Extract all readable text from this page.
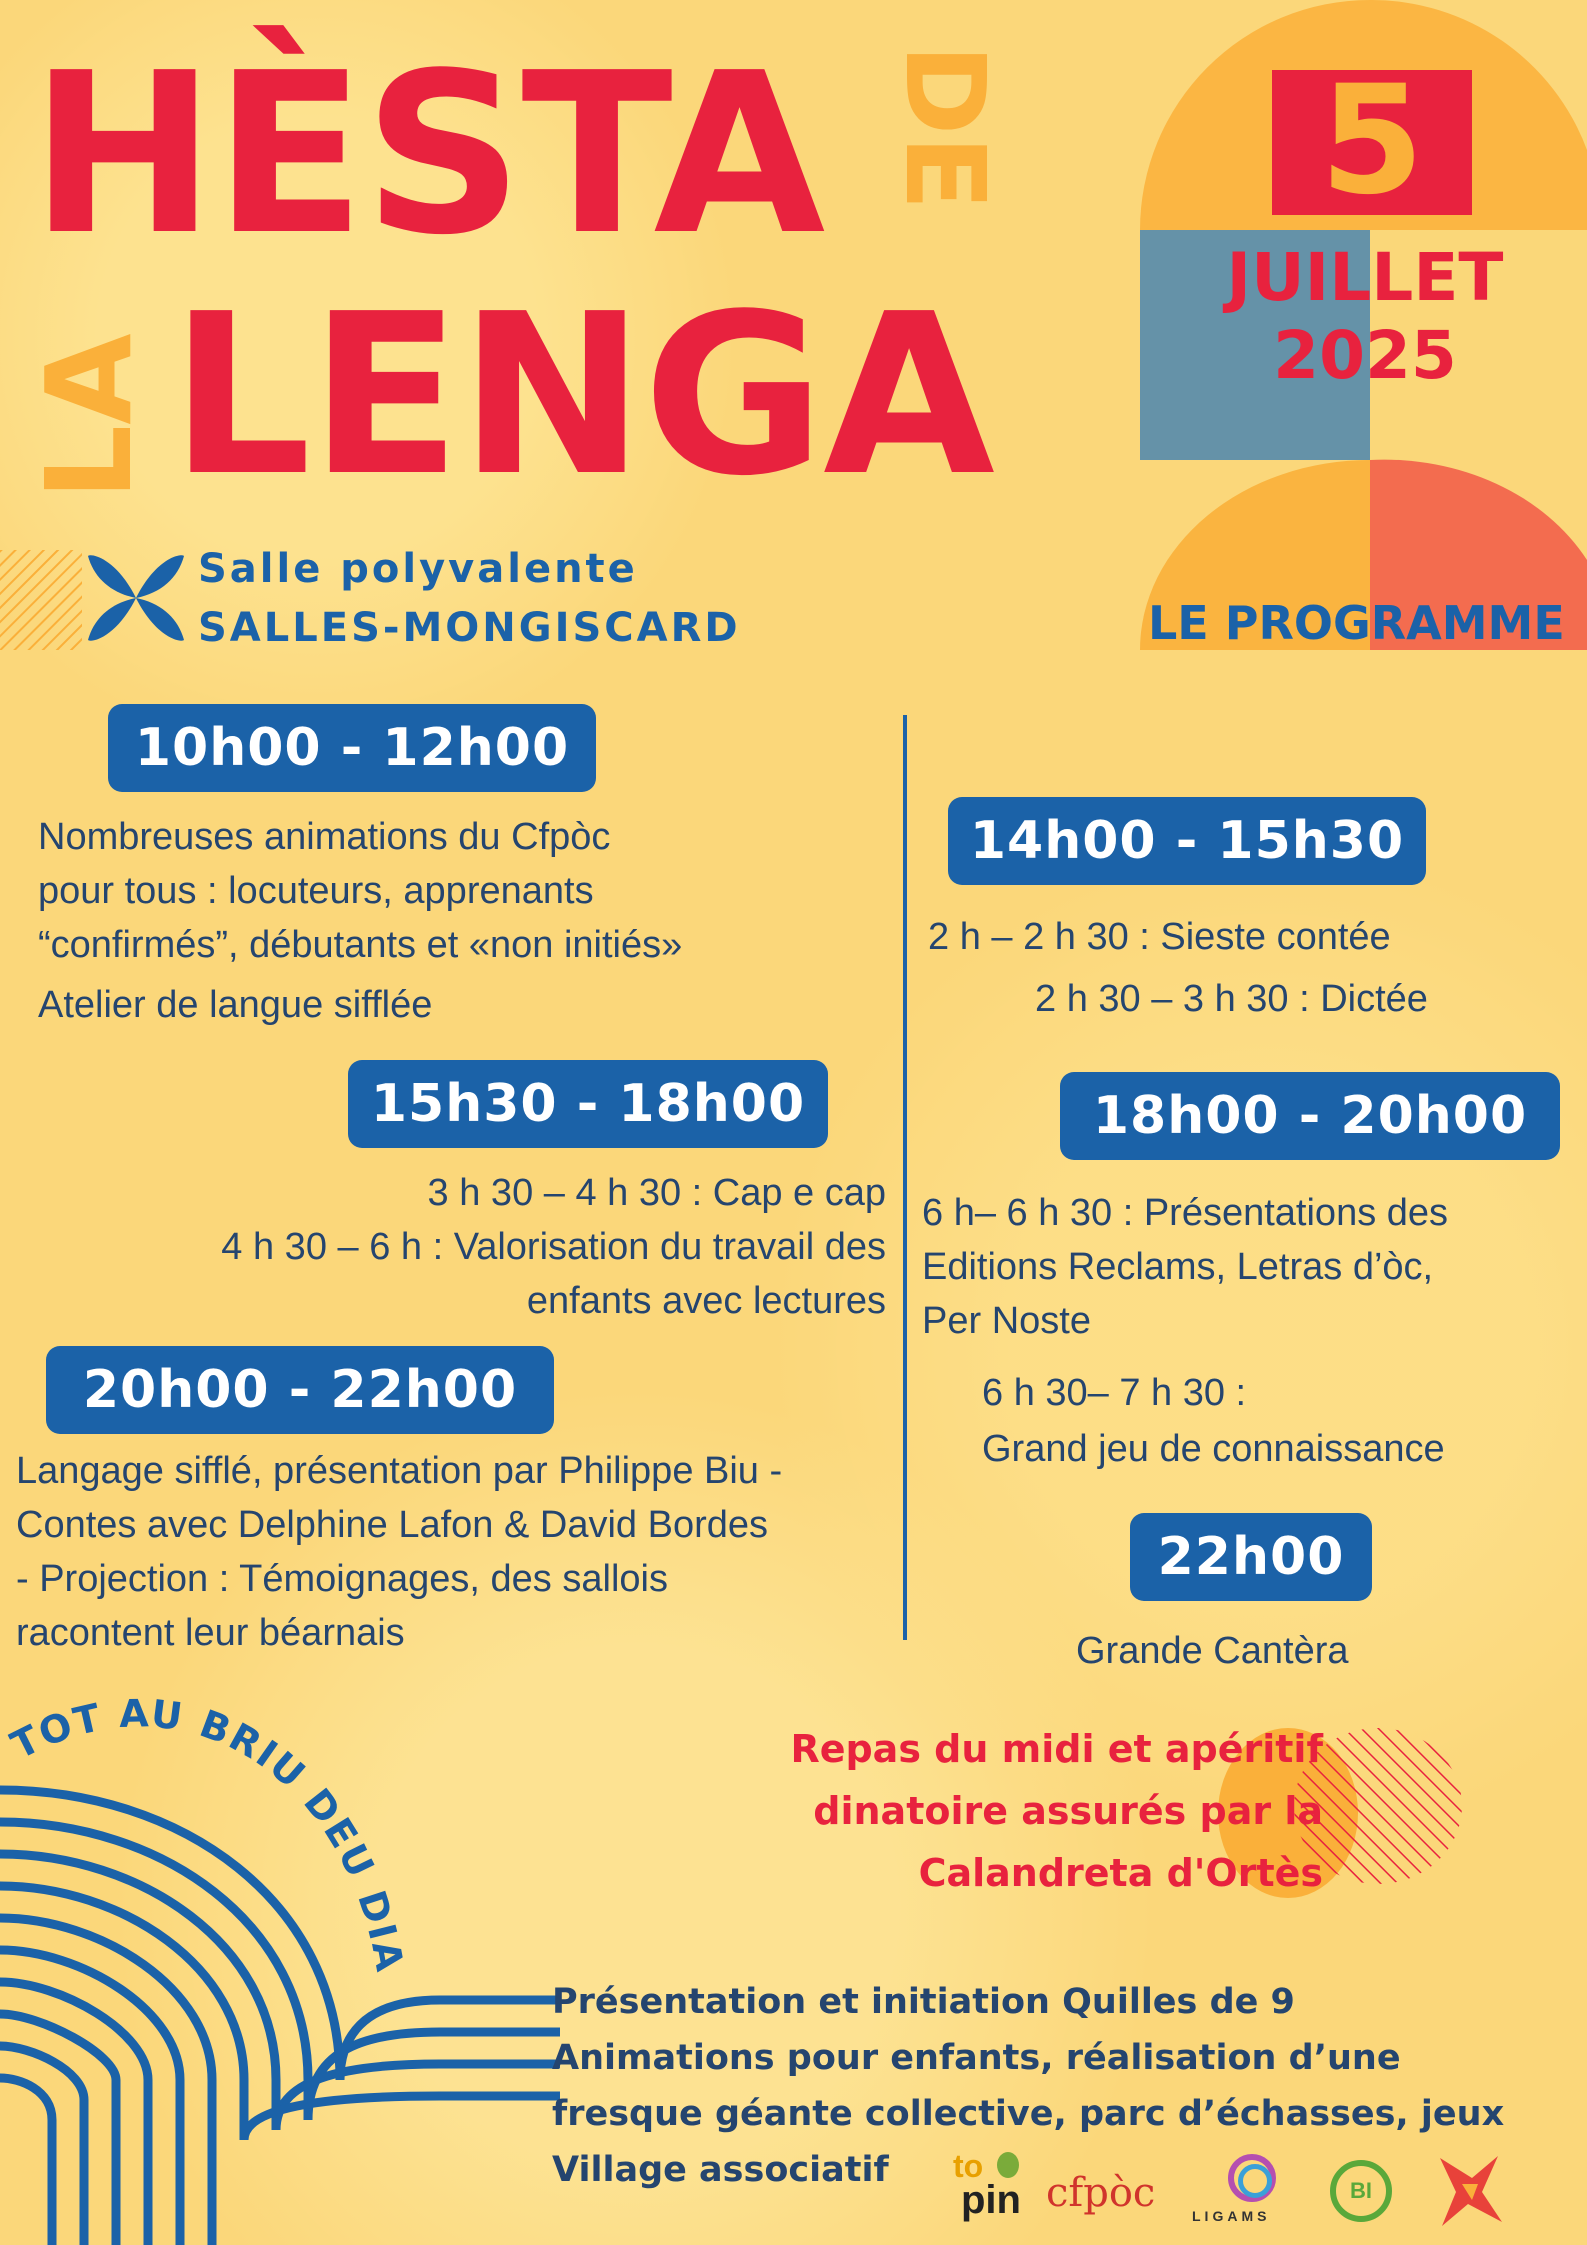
HÈSTA DE
LA LENGA
5
JUILLET
2025
LE PROGRAMME
Salle polyvalente
SALLES-MONGISCARD
10h00 - 12h00
Nombreuses animations du Cfpòc
pour tous : locuteurs, apprenants
“confirmés”, débutants et «non initiés»
Atelier de langue sifflée
14h00 - 15h30
2 h – 2 h 30 : Sieste contée
2 h 30 – 3 h 30 : Dictée
15h30 - 18h00
3 h 30 – 4 h 30 : Cap e cap
4 h 30 – 6 h : Valorisation du travail des
enfants avec lectures
18h00 - 20h00
6 h– 6 h 30 : Présentations des
Editions Reclams, Letras d’òc,
Per Noste
6 h 30– 7 h 30 :
Grand jeu de connaissance
20h00 - 22h00
Langage sifflé, présentation par Philippe Biu -
Contes avec Delphine Lafon & David Bordes
- Projection : Témoignages, des sallois
racontent leur béarnais
22h00
Grande Cantèra
TOT AU BRIU DEU DIA
Repas du midi et apéritif
dinatoire assurés par la
Calandreta d'Ortès
Présentation et initiation Quilles de 9
Animations pour enfants, réalisation d’une
fresque géante collective, parc d’échasses, jeux
Village associatif to
pin cfpòc	LIGAMS
BI
